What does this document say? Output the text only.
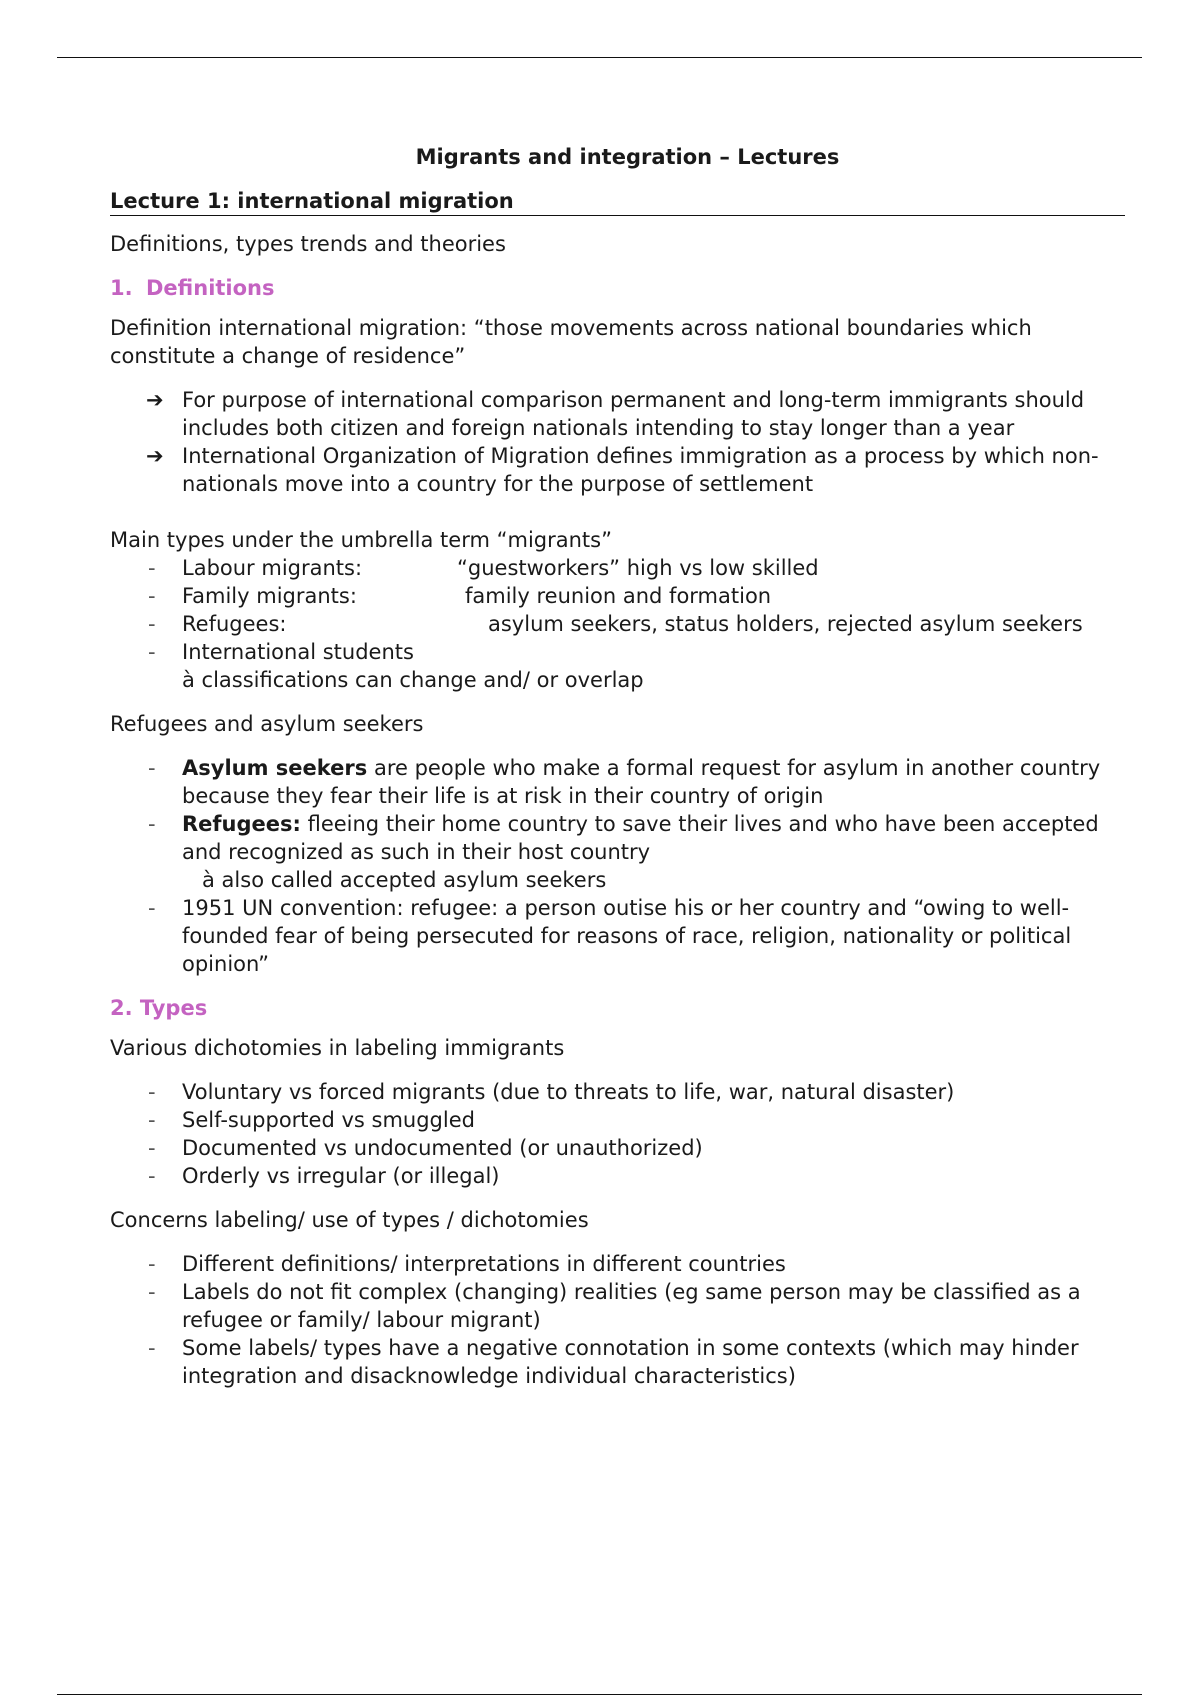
Migrants and integration – Lectures
Lecture 1: international migration

Definitions, types trends and theories

1. Definitions

Definition international migration: “those movements across national boundaries which constitute a change of residence”

➔ For purpose of international comparison permanent and long-term immigrants should includes both citizen and foreign nationals intending to stay longer than a year
➔ International Organization of Migration defines immigration as a process by which non-nationals move into a country for the purpose of settlement

Main types under the umbrella term “migrants”

-	Labour migrants:	“guestworkers” high vs low skilled
-	Family migrants:	family reunion and formation
-	Refugees:	asylum seekers, status holders, rejected asylum seekers
-	International students
à classifications can change and/ or overlap

Refugees and asylum seekers

-	Asylum seekers are people who make a formal request for asylum in another country because they fear their life is at risk in their country of origin
-	Refugees: fleeing their home country to save their lives and who have been accepted and recognized as such in their host country
à also called accepted asylum seekers
-	1951 UN convention: refugee: a person outise his or her country and “owing to well-founded fear of being persecuted for reasons of race, religion, nationality or political opinion”
2. Types

Various dichotomies in labeling immigrants

-	Voluntary vs forced migrants (due to threats to life, war, natural disaster)
-	Self-supported vs smuggled
-	Documented vs undocumented (or unauthorized)
-	Orderly vs irregular (or illegal)

Concerns labeling/ use of types / dichotomies

-	Different definitions/ interpretations in different countries
-	Labels do not fit complex (changing) realities (eg same person may be classified as a refugee or family/ labour migrant)
-	Some labels/ types have a negative connotation in some contexts (which may hinder integration and disacknowledge individual characteristics)
